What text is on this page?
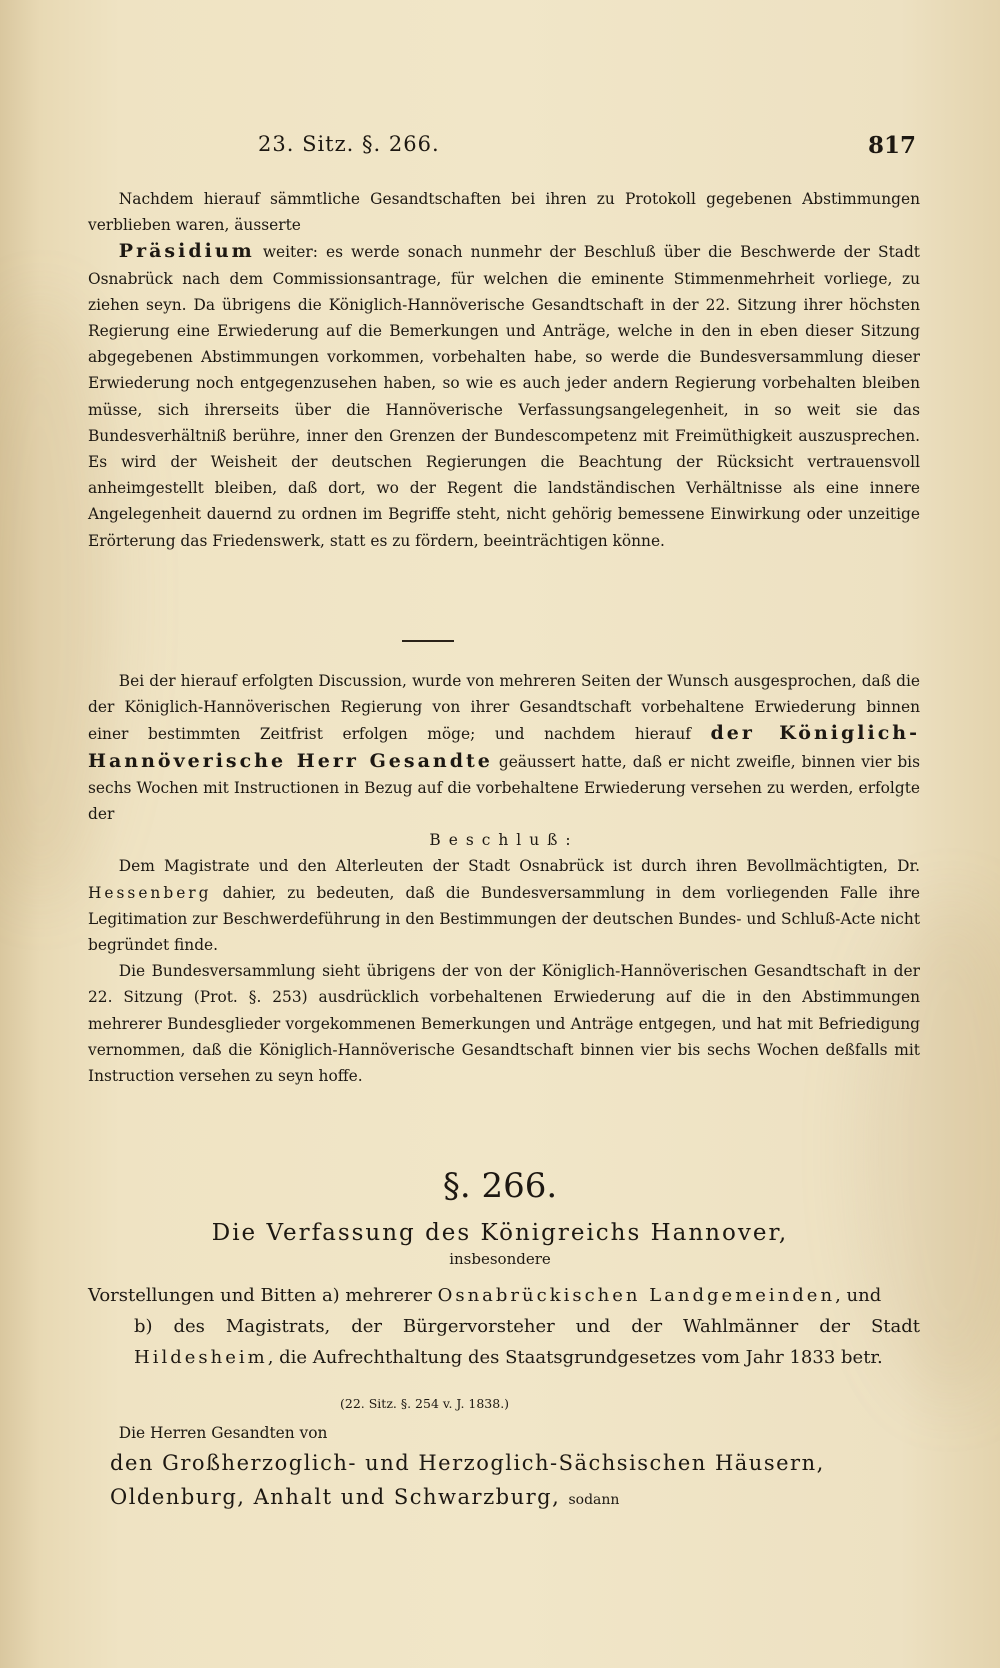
23. Sitz. §. 266.	817

Nachdem hierauf sämmtliche Gesandtschaften bei ihren zu Protokoll gegebenen Abstimmungen verblieben waren, äusserte

Präsidium weiter: es werde sonach nunmehr der Beschluß über die Beschwerde der Stadt Osnabrück nach dem Commissionsantrage, für welchen die eminente Stimmenmehrheit vorliege, zu ziehen seyn. Da übrigens die Königlich-Hannöverische Gesandtschaft in der 22. Sitzung ihrer höchsten Regierung eine Erwiederung auf die Bemerkungen und Anträge, welche in den in eben dieser Sitzung abgegebenen Abstimmungen vorkommen, vorbehalten habe, so werde die Bundesversammlung dieser Erwiederung noch entgegenzusehen haben, so wie es auch jeder andern Regierung vorbehalten bleiben müsse, sich ihrerseits über die Hannöverische Verfassungsangelegenheit, in so weit sie das Bundesverhältniß berühre, inner den Grenzen der Bundescompetenz mit Freimüthigkeit auszusprechen. Es wird der Weisheit der deutschen Regierungen die Beachtung der Rücksicht vertrauensvoll anheimgestellt bleiben, daß dort, wo der Regent die landständischen Verhältnisse als eine innere Angelegenheit dauernd zu ordnen im Begriffe steht, nicht gehörig bemessene Einwirkung oder unzeitige Erörterung das Friedenswerk, statt es zu fördern, beeinträchtigen könne.

Bei der hierauf erfolgten Discussion, wurde von mehreren Seiten der Wunsch ausgesprochen, daß die der Königlich-Hannöverischen Regierung von ihrer Gesandtschaft vorbehaltene Erwiederung binnen einer bestimmten Zeitfrist erfolgen möge; und nachdem hierauf der Königlich-Hannöverische Herr Gesandte geäussert hatte, daß er nicht zweifle, binnen vier bis sechs Wochen mit Instructionen in Bezug auf die vorbehaltene Erwiederung versehen zu werden, erfolgte der

Beschluß:

Dem Magistrate und den Alterleuten der Stadt Osnabrück ist durch ihren Bevollmächtigten, Dr. Hessenberg dahier, zu bedeuten, daß die Bundesversammlung in dem vorliegenden Falle ihre Legitimation zur Beschwerdeführung in den Bestimmungen der deutschen Bundes- und Schluß-Acte nicht begründet finde.

Die Bundesversammlung sieht übrigens der von der Königlich-Hannöverischen Gesandtschaft in der 22. Sitzung (Prot. §. 253) ausdrücklich vorbehaltenen Erwiederung auf die in den Abstimmungen mehrerer Bundesglieder vorgekommenen Bemerkungen und Anträge entgegen, und hat mit Befriedigung vernommen, daß die Königlich-Hannöverische Gesandtschaft binnen vier bis sechs Wochen deßfalls mit Instruction versehen zu seyn hoffe.

§. 266.
Die Verfassung des Königreichs Hannover,
insbesondere
Vorstellungen und Bitten a) mehrerer Osnabrückischen Landgemeinden, und
b) des Magistrats, der Bürgervorsteher und der Wahlmänner der Stadt Hildesheim, die Aufrechthaltung des Staatsgrundgesetzes vom Jahr 1833 betr.
(22. Sitz. §. 254 v. J. 1838.)
Die Herren Gesandten von
den Großherzoglich- und Herzoglich-Sächsischen Häusern, Oldenburg, Anhalt und Schwarzburg, sodann
